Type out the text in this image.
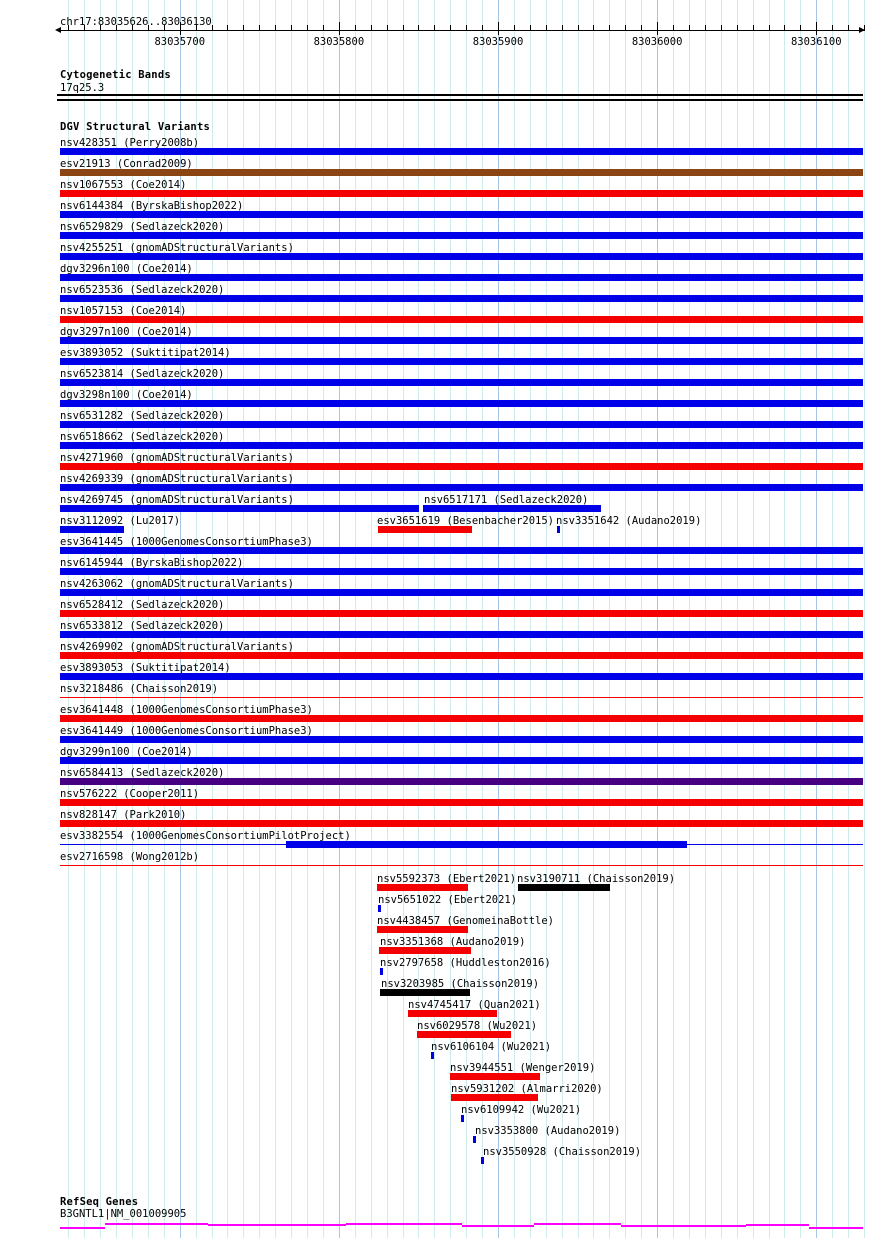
chr17:83035626..83036130
83035700	83035800	83035900	83036000	83036100
Cytogenetic Bands
17q25.3
DGV Structural Variants
nsv428351 (Perry2008b)
esv21913 (Conrad2009)
nsv1067553 (Coe2014)
nsv6144384 (ByrskaBishop2022)
nsv6529829 (Sedlazeck2020)
nsv4255251 (gnomADStructuralVariants)
dgv3296n100 (Coe2014)
nsv6523536 (Sedlazeck2020)
nsv1057153 (Coe2014)
dgv3297n100 (Coe2014)
esv3893052 (Suktitipat2014)
nsv6523814 (Sedlazeck2020)
dgv3298n100 (Coe2014)
nsv6531282 (Sedlazeck2020)
nsv6518662 (Sedlazeck2020)
nsv4271960 (gnomADStructuralVariants)
nsv4269339 (gnomADStructuralVariants)
nsv4269745 (gnomADStructuralVariants)	nsv6517171 (Sedlazeck2020)
nsv3112092 (Lu2017)	esv3651619 (Besenbacher2015) nsv3351642 (Audano2019)
esv3641445 (1000GenomesConsortiumPhase3)
nsv6145944 (ByrskaBishop2022)
nsv4263062 (gnomADStructuralVariants)
nsv6528412 (Sedlazeck2020)
nsv6533812 (Sedlazeck2020)
nsv4269902 (gnomADStructuralVariants)
esv3893053 (Suktitipat2014)
nsv3218486 (Chaisson2019)
esv3641448 (1000GenomesConsortiumPhase3)
esv3641449 (1000GenomesConsortiumPhase3)
dgv3299n100 (Coe2014)
nsv6584413 (Sedlazeck2020)
nsv576222 (Cooper2011)
nsv828147 (Park2010)
esv3382554 (1000GenomesConsortiumPilotProject)
esv2716598 (Wong2012b)
nsv5592373 (Ebert2021) nsv3190711 (Chaisson2019)
nsv5651022 (Ebert2021)
nsv4438457 (GenomeinaBottle)
nsv3351368 (Audano2019)
nsv2797658 (Huddleston2016)
nsv3203985 (Chaisson2019)
nsv4745417 (Quan2021)
nsv6029578 (Wu2021)
nsv6106104 (Wu2021)
nsv3944551 (Wenger2019)
nsv5931202 (Almarri2020)
nsv6109942 (Wu2021)
nsv3353800 (Audano2019)
nsv3550928 (Chaisson2019)
RefSeq Genes
B3GNTL1|NM_001009905
